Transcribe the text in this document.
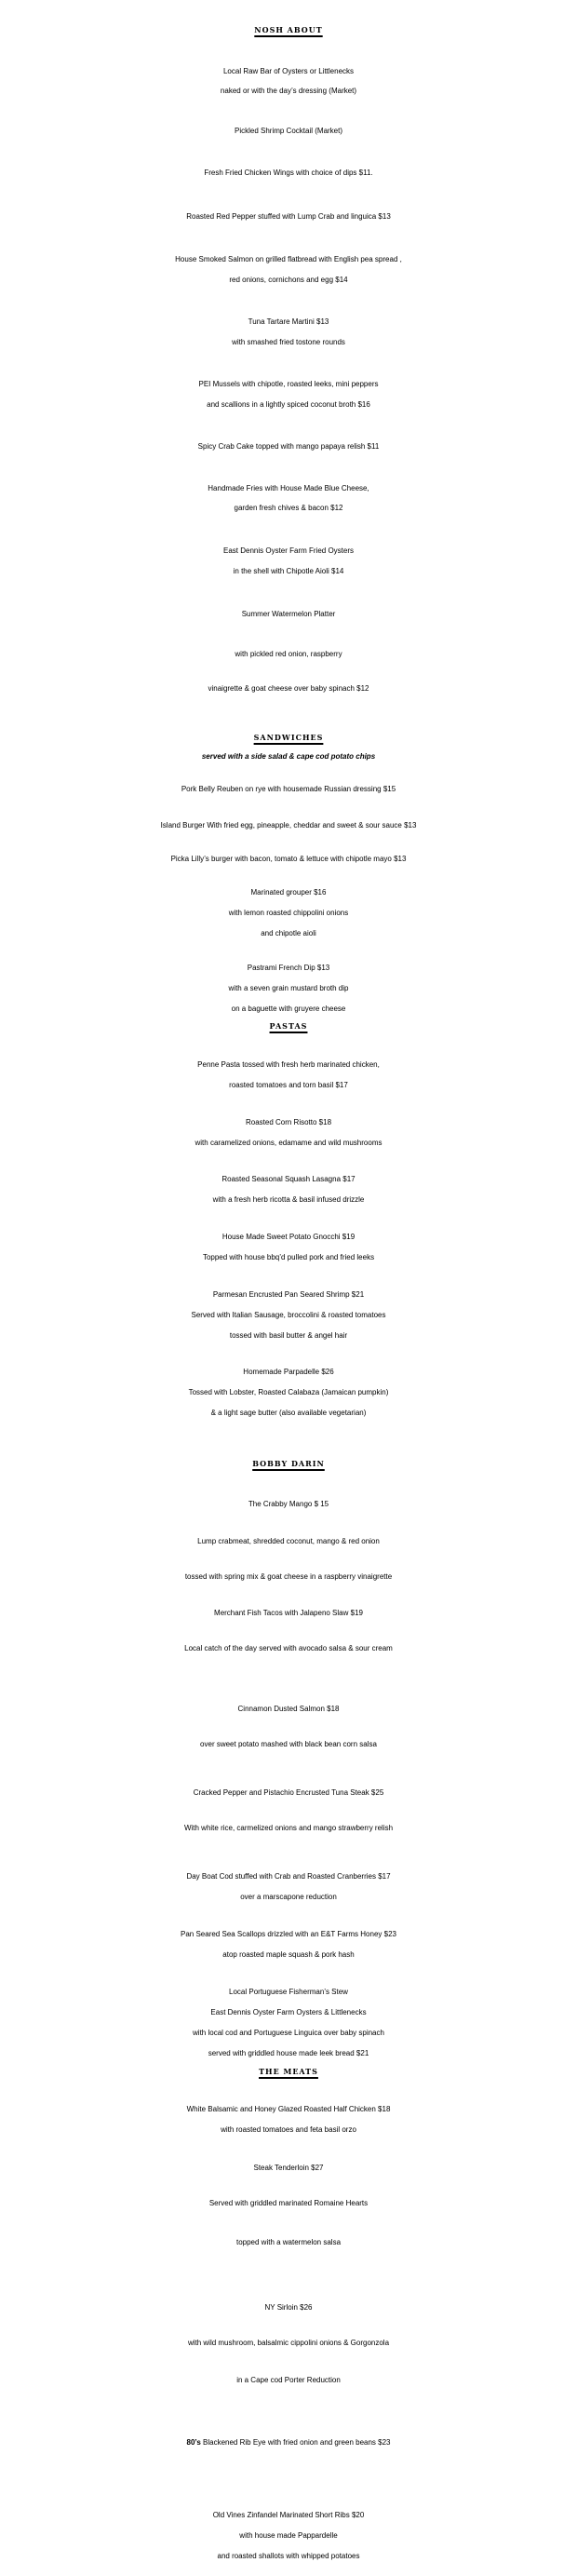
NOSH ABOUT
Local Raw Bar of Oysters or Littlenecks
naked or with the day’s dressing (Market)
Pickled Shrimp Cocktail (Market)
Fresh Fried Chicken Wings with choice of dips $11.
Roasted Red Pepper stuffed with Lump Crab and linguica $13
House Smoked Salmon on grilled flatbread with English pea spread ,
red onions, cornichons and egg $14
Tuna Tartare Martini $13
with smashed fried tostone rounds
PEI Mussels with chipotle, roasted leeks, mini peppers
and scallions in a lightly spiced coconut broth $16
Spicy Crab Cake topped with mango papaya relish $11
Handmade Fries with House Made Blue Cheese,
garden fresh chives & bacon $12
East Dennis Oyster Farm Fried Oysters
in the shell with Chipotle Aioli $14
Summer Watermelon Platter
with pickled red onion, raspberry
vinaigrette & goat cheese over baby spinach $12
SANDWICHES
served with a side salad & cape cod potato chips
Pork Belly Reuben on rye with housemade Russian dressing $15
Island Burger With fried egg, pineapple, cheddar and sweet & sour sauce $13
Picka Lilly’s burger with bacon, tomato & lettuce with chipotle mayo $13
Marinated grouper $16
with lemon roasted chippolini onions
and chipotle aioli
Pastrami French Dip $13
with a seven grain mustard broth dip
on a baguette with gruyere cheese
PASTAS
Penne Pasta tossed with fresh herb marinated chicken,
roasted tomatoes and torn basil $17
Roasted Corn Risotto $18
with caramelized onions, edamame and wild mushrooms
Roasted Seasonal Squash Lasagna $17
with a fresh herb ricotta & basil infused drizzle
House Made Sweet Potato Gnocchi $19
Topped with house bbq’d pulled pork and fried leeks
Parmesan Encrusted Pan Seared Shrimp $21
Served with Italian Sausage, broccolini & roasted tomatoes
tossed with basil butter & angel hair
Homemade Parpadelle $26
Tossed with Lobster, Roasted Calabaza (Jamaican pumpkin)
& a light sage butter (also available vegetarian)
BOBBY DARIN
The Crabby Mango $ 15
Lump crabmeat, shredded coconut, mango & red onion
tossed with spring mix & goat cheese in a raspberry vinaigrette
Merchant Fish Tacos with Jalapeno Slaw $19
Local catch of the day served with avocado salsa & sour cream
Cinnamon Dusted Salmon $18
over sweet potato mashed with black bean corn salsa
Cracked Pepper and Pistachio Encrusted Tuna Steak $25
With white rice, carmelized onions and mango strawberry relish
Day Boat Cod stuffed with Crab and Roasted Cranberries $17
over a marscapone reduction
Pan Seared Sea Scallops drizzled with an E&T Farms Honey $23
atop roasted maple squash & pork hash
Local Portuguese Fisherman’s Stew
East Dennis Oyster Farm Oysters & Littlenecks
with local cod and Portuguese Linguica over baby spinach
served with griddled house made leek bread $21
THE MEATS
White Balsamic and Honey Glazed Roasted Half Chicken $18
with roasted tomatoes and feta basil orzo
Steak Tenderloin $27
Served with griddled marinated Romaine Hearts
topped with a watermelon salsa
NY Sirloin $26
with wild mushroom, balsalmic cippolini onions & Gorgonzola
in a Cape cod Porter Reduction
80’s Blackened Rib Eye with fried onion and green beans $23
Old Vines Zinfandel Marinated Short Ribs $20
with house made Pappardelle
and roasted shallots with whipped potatoes
